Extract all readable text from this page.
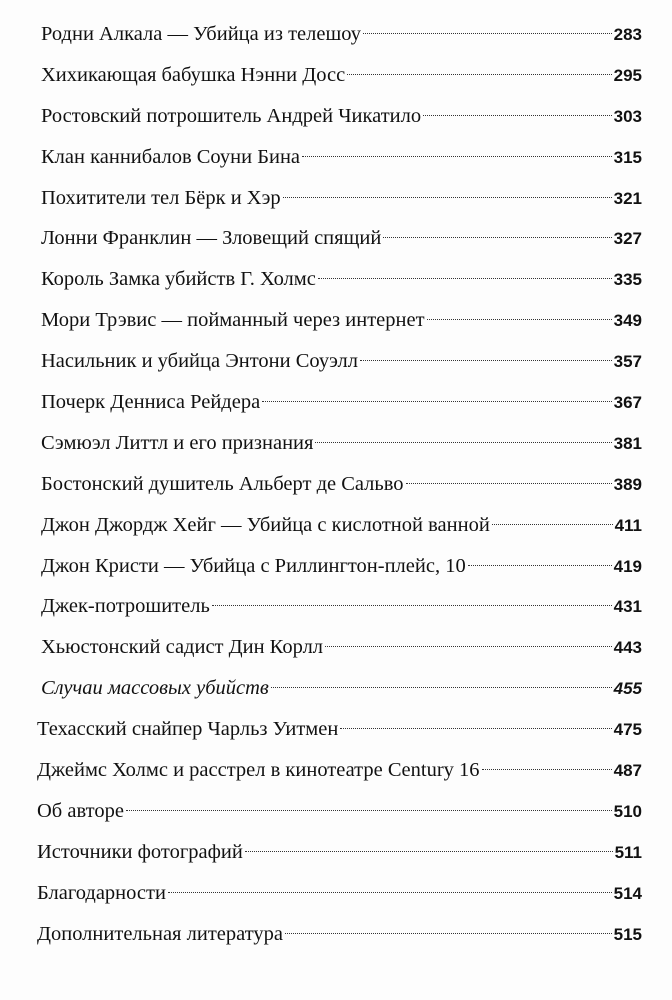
Родни Алкала — Убийца из телешоу	283
Хихикающая бабушка Нэнни Досс	295
Ростовский потрошитель Андрей Чикатило	303
Клан каннибалов Соуни Бина	315
Похитители тел Бёрк и Хэр	321
Лонни Франклин — Зловещий спящий	327
Король Замка убийств Г. Холмс	335
Мори Трэвис — пойманный через интернет	349
Насильник и убийца Энтони Соуэлл	357
Почерк Денниса Рейдера	367
Сэмюэл Литтл и его признания	381
Бостонский душитель Альберт де Сальво	389
Джон Джордж Хейг — Убийца с кислотной ванной	411
Джон Кристи — Убийца с Риллингтон-плейс, 10	419
Джек-потрошитель	431
Хьюстонский садист Дин Корлл	443
Случаи массовых убийств	455
Техасский снайпер Чарльз Уитмен	475
Джеймс Холмс и расстрел в кинотеатре Century 16	487
Об авторе	510
Источники фотографий	511
Благодарности	514
Дополнительная литература	515
